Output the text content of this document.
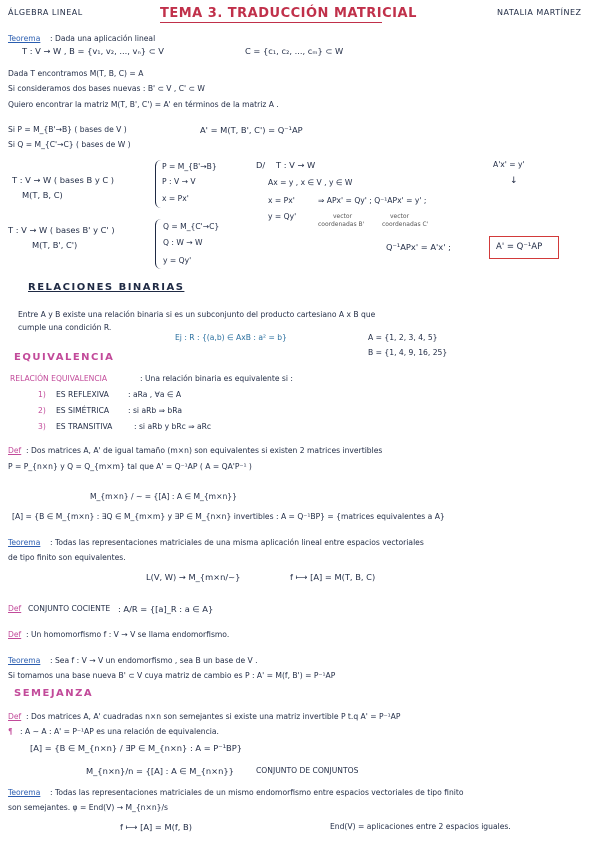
ÁLGEBRA LINEAL	TEMA 3. TRADUCCIÓN MATRICIAL	NATALIA MARTÍNEZ
Teorema : Dada una aplicación lineal
T : V → W , B = {v₁, v₂, ..., vₙ} ⊂ V	C = {c₁, c₂, ..., cₘ} ⊂ W
Dada T encontramos M(T, B, C) = A
Si consideramos dos bases nuevas : B' ⊂ V , C' ⊂ W
Quiero encontrar la matriz M(T, B', C') = A' en términos de la matriz A .
Si P = M_{B'→B} ( bases de V )	A' = M(T, B', C') = Q⁻¹AP
Si Q = M_{C'→C} ( bases de W )
T : V → W ( bases B y C )
M(T, B, C)
P = M_{B'→B}
P : V → V
x = Px'
T : V → W ( bases B' y C' )
M(T, B', C')
Q = M_{C'→C}
Q : W → W
y = Qy'
D/ T : V → W
Ax = y , x ∈ V , y ∈ W
x = Px'	⇒ APx' = Qy' ; Q⁻¹APx' = y' ;
y = Qy'	vector
coordenadas B'
vector
coordenadas C'
A'x' = y'
↓
Q⁻¹APx' = A'x' ;	A' = Q⁻¹AP
RELACIONES BINARIAS
Entre A y B existe una relación binaria si es un subconjunto del producto cartesiano A x B que
cumple una condición R.
Ej : R : {(a,b) ∈ AxB : a² = b}	A = {1, 2, 3, 4, 5}
B = {1, 4, 9, 16, 25}
EQUIVALENCIA
RELACIÓN EQUIVALENCIA	: Una relación binaria es equivalente si :
1) ES REFLEXIVA	: aRa , ∀a ∈ A
2) ES SIMÉTRICA : si aRb ⇒ bRa
3) ES TRANSITIVA	: si aRb y bRc ⇒ aRc
Def : Dos matrices A, A' de igual tamaño (m×n) son equivalentes si existen 2 matrices invertibles
P = P_{n×n} y Q = Q_{m×m} tal que A' = Q⁻¹AP ( A = QA'P⁻¹ )
M_{m×n} / ~ = {[A] : A ∈ M_{m×n}}
[A] = {B ∈ M_{m×n} : ∃Q ∈ M_{m×m} y ∃P ∈ M_{n×n} invertibles : A = Q⁻¹BP} = {matrices equivalentes a A}
Teorema : Todas las representaciones matriciales de una misma aplicación lineal entre espacios vectoriales
de tipo finito son equivalentes.
L(V, W) → M_{m×n/~}	f ⟼ [A] = M(T, B, C)
Def CONJUNTO COCIENTE : A/R = {[a]_R : a ∈ A}
Def : Un homomorfismo f : V → V se llama endomorfismo.
Teorema : Sea f : V → V un endomorfismo , sea B un base de V .
Si tomamos una base nueva B' ⊂ V cuya matriz de cambio es P : A' = M(f, B') = P⁻¹AP
SEMEJANZA
Def : Dos matrices A, A' cuadradas n×n son semejantes si existe una matriz invertible P t.q A' = P⁻¹AP
¶ : A ~ A : A' = P⁻¹AP es una relación de equivalencia.
[A] = {B ∈ M_{n×n} / ∃P ∈ M_{n×n} : A = P⁻¹BP}
M_{n×n}/n = {[A] : A ∈ M_{n×n}}	CONJUNTO DE CONJUNTOS
Teorema : Todas las representaciones matriciales de un mismo endomorfismo entre espacios vectoriales de tipo finito
son semejantes. φ = End(V) → M_{n×n}/s
f ⟼ [A] = M(f, B)	End(V) = aplicaciones entre 2 espacios iguales.
